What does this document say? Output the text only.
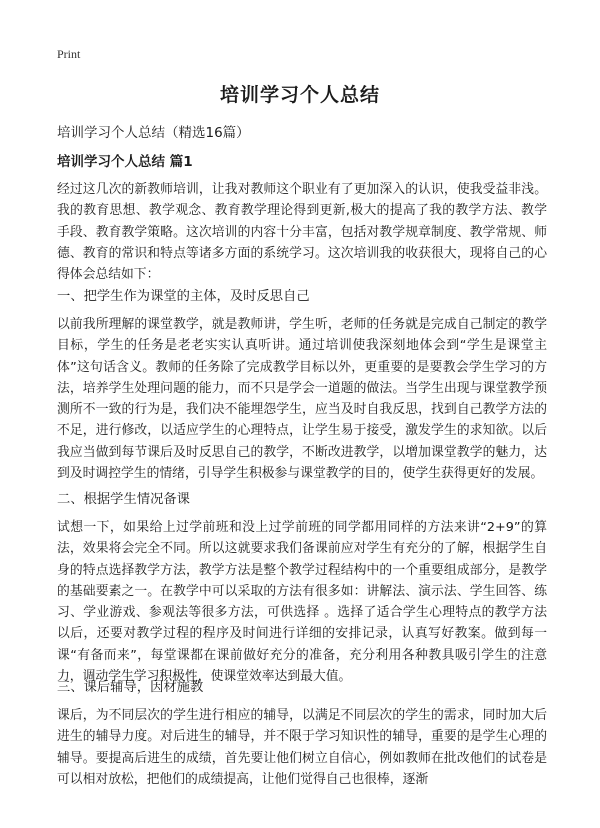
Print
培训学习个人总结
培训学习个人总结（精选16篇）
培训学习个人总结 篇1
经过这几次的新教师培训，让我对教师这个职业有了更加深入的认识，使我受益非浅。我的教育思想、教学观念、教育教学理论得到更新,极大的提高了我的教学方法、教学手段、教育教学策略。这次培训的内容十分丰富，包括对教学规章制度、教学常规、师德、教育的常识和特点等诸多方面的系统学习。这次培训我的收获很大，现将自己的心得体会总结如下：
一、把学生作为课堂的主体，及时反思自己
以前我所理解的课堂教学，就是教师讲，学生听，老师的任务就是完成自己制定的教学目标，学生的任务是老老实实认真听讲。通过培训使我深刻地体会到“学生是课堂主体”这句话含义。教师的任务除了完成教学目标以外，更重要的是要教会学生学习的方法，培养学生处理问题的能力，而不只是学会一道题的做法。当学生出现与课堂教学预测所不一致的行为是，我们决不能埋怨学生，应当及时自我反思，找到自己教学方法的不足，进行修改，以适应学生的心理特点，让学生易于接受，激发学生的求知欲。以后我应当做到每节课后及时反思自己的教学，不断改进教学，以增加课堂教学的魅力，达到及时调控学生的情绪，引导学生积极参与课堂教学的目的，使学生获得更好的发展。
二、根据学生情况备课
试想一下，如果给上过学前班和没上过学前班的同学都用同样的方法来讲“2+9”的算法，效果将会完全不同。所以这就要求我们备课前应对学生有充分的了解，根据学生自身的特点选择教学方法，教学方法是整个教学过程结构中的一个重要组成部分，是教学的基础要素之一。在教学中可以采取的方法有很多如：讲解法、演示法、学生回答、练习、学业游戏、参观法等很多方法，可供选择 。选择了适合学生心理特点的教学方法以后，还要对教学过程的程序及时间进行详细的安排记录，认真写好教案。做到每一课“有备而来”，每堂课都在课前做好充分的准备，充分利用各种教具吸引学生的注意力，调动学生学习积极性，使课堂效率达到最大值。
三、课后辅导，因材施教
课后，为不同层次的学生进行相应的辅导，以满足不同层次的学生的需求，同时加大后进生的辅导力度。对后进生的辅导，并不限于学习知识性的辅导，重要的是学生心理的辅导。要提高后进生的成绩，首先要让他们树立自信心，例如教师在批改他们的试卷是可以相对放松，把他们的成绩提高，让他们觉得自己也很棒，逐渐
